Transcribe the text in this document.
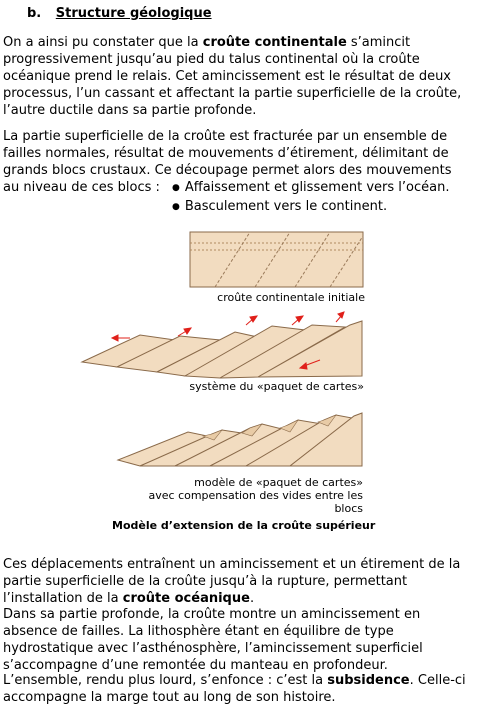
b. Structure géologique
On a ainsi pu constater que la croûte continentale s’amincit progressivement jusqu’au pied du talus continental où la croûte océanique prend le relais. Cet amincissement est le résultat de deux processus, l’un cassant et affectant la partie superficielle de la croûte, l’autre ductile dans sa partie profonde.
La partie superficielle de la croûte est fracturée par un ensemble de failles normales, résultat de mouvements d’étirement, délimitant de grands blocs crustaux. Ce découpage permet alors des mouvements au niveau de ces blocs :
●	Affaissement et glissement vers l’océan.
● Basculement vers le continent.
croûte continentale initiale
système du «paquet de cartes»
modèle de «paquet de cartes»
avec compensation des vides entre les blocs
Modèle d’extension de la croûte supérieur
Ces déplacements entraînent un amincissement et un étirement de la partie superficielle de la croûte jusqu’à la rupture, permettant l’installation de la croûte océanique.
Dans sa partie profonde, la croûte montre un amincissement en absence de failles. La lithosphère étant en équilibre de type hydrostatique avec l’asthénosphère, l’amincissement superficiel s’accompagne d’une remontée du manteau en profondeur.
L’ensemble, rendu plus lourd, s’enfonce : c’est la subsidence. Celle-ci accompagne la marge tout au long de son histoire.
